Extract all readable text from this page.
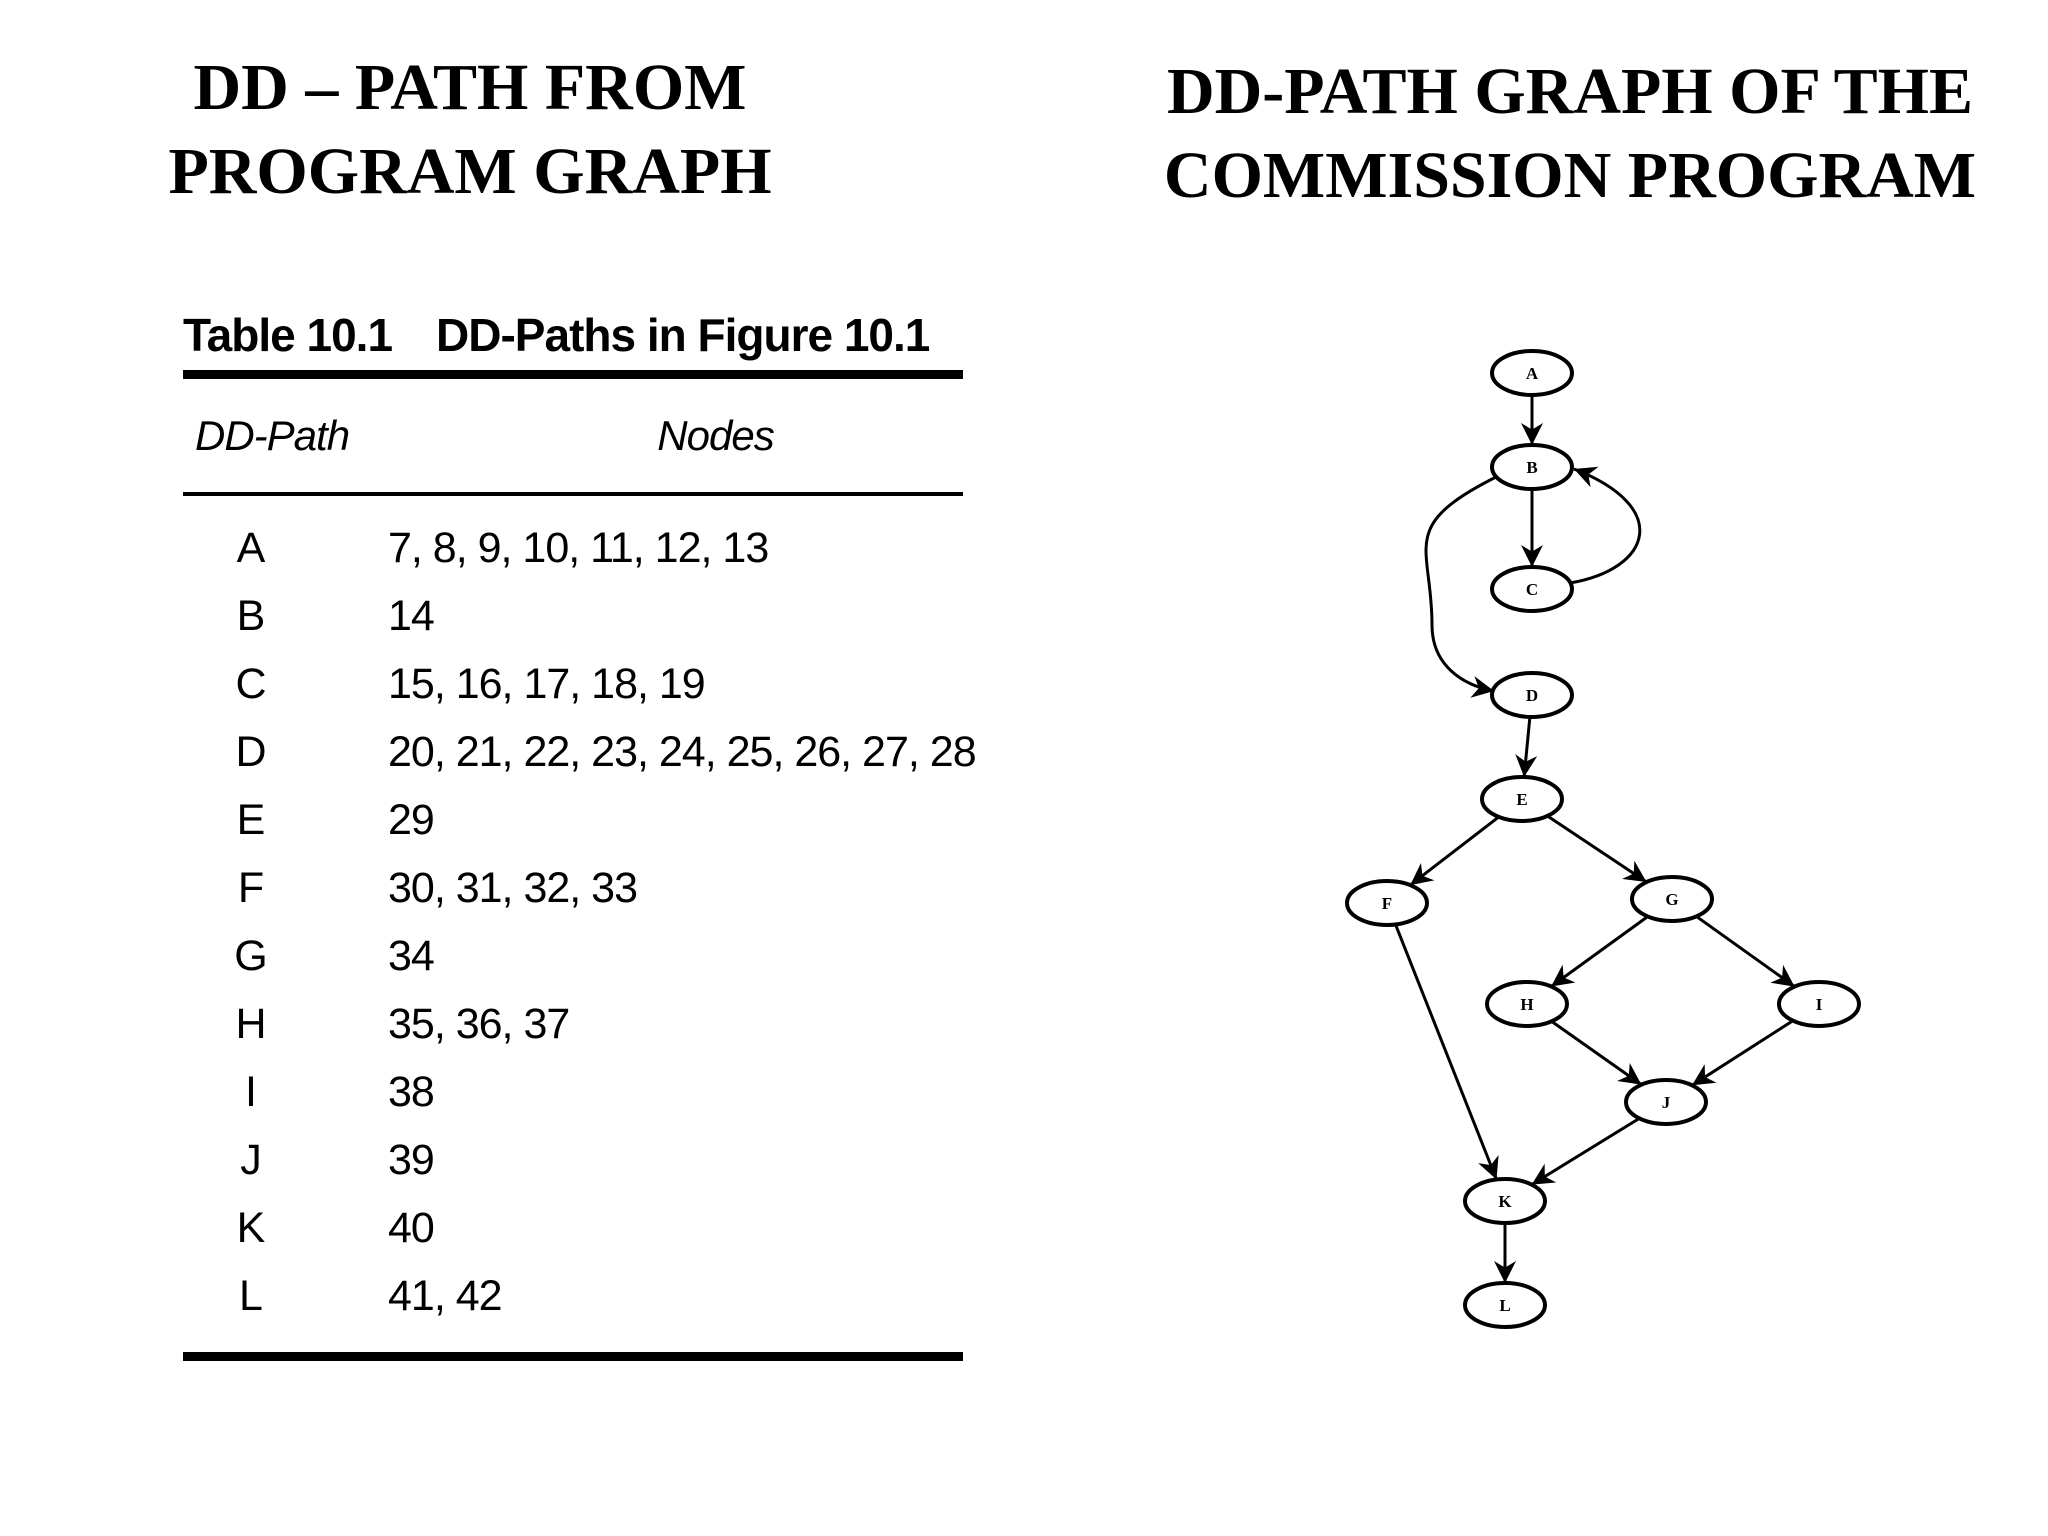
DD – PATH FROM
PROGRAM GRAPH
DD-PATH GRAPH OF THE
COMMISSION PROGRAM
Table 10.1 DD-Paths in Figure 10.1
DD-Path	Nodes
A	7, 8, 9, 10, 11, 12, 13
B	14
C	15, 16, 17, 18, 19
D	20, 21, 22, 23, 24, 25, 26, 27, 28
E	29
F	30, 31, 32, 33
G	34
H	35, 36, 37
I	38
J	39
K	40
L	41, 42
A
B
C
D
E
F	G
H	I
J
K
L
